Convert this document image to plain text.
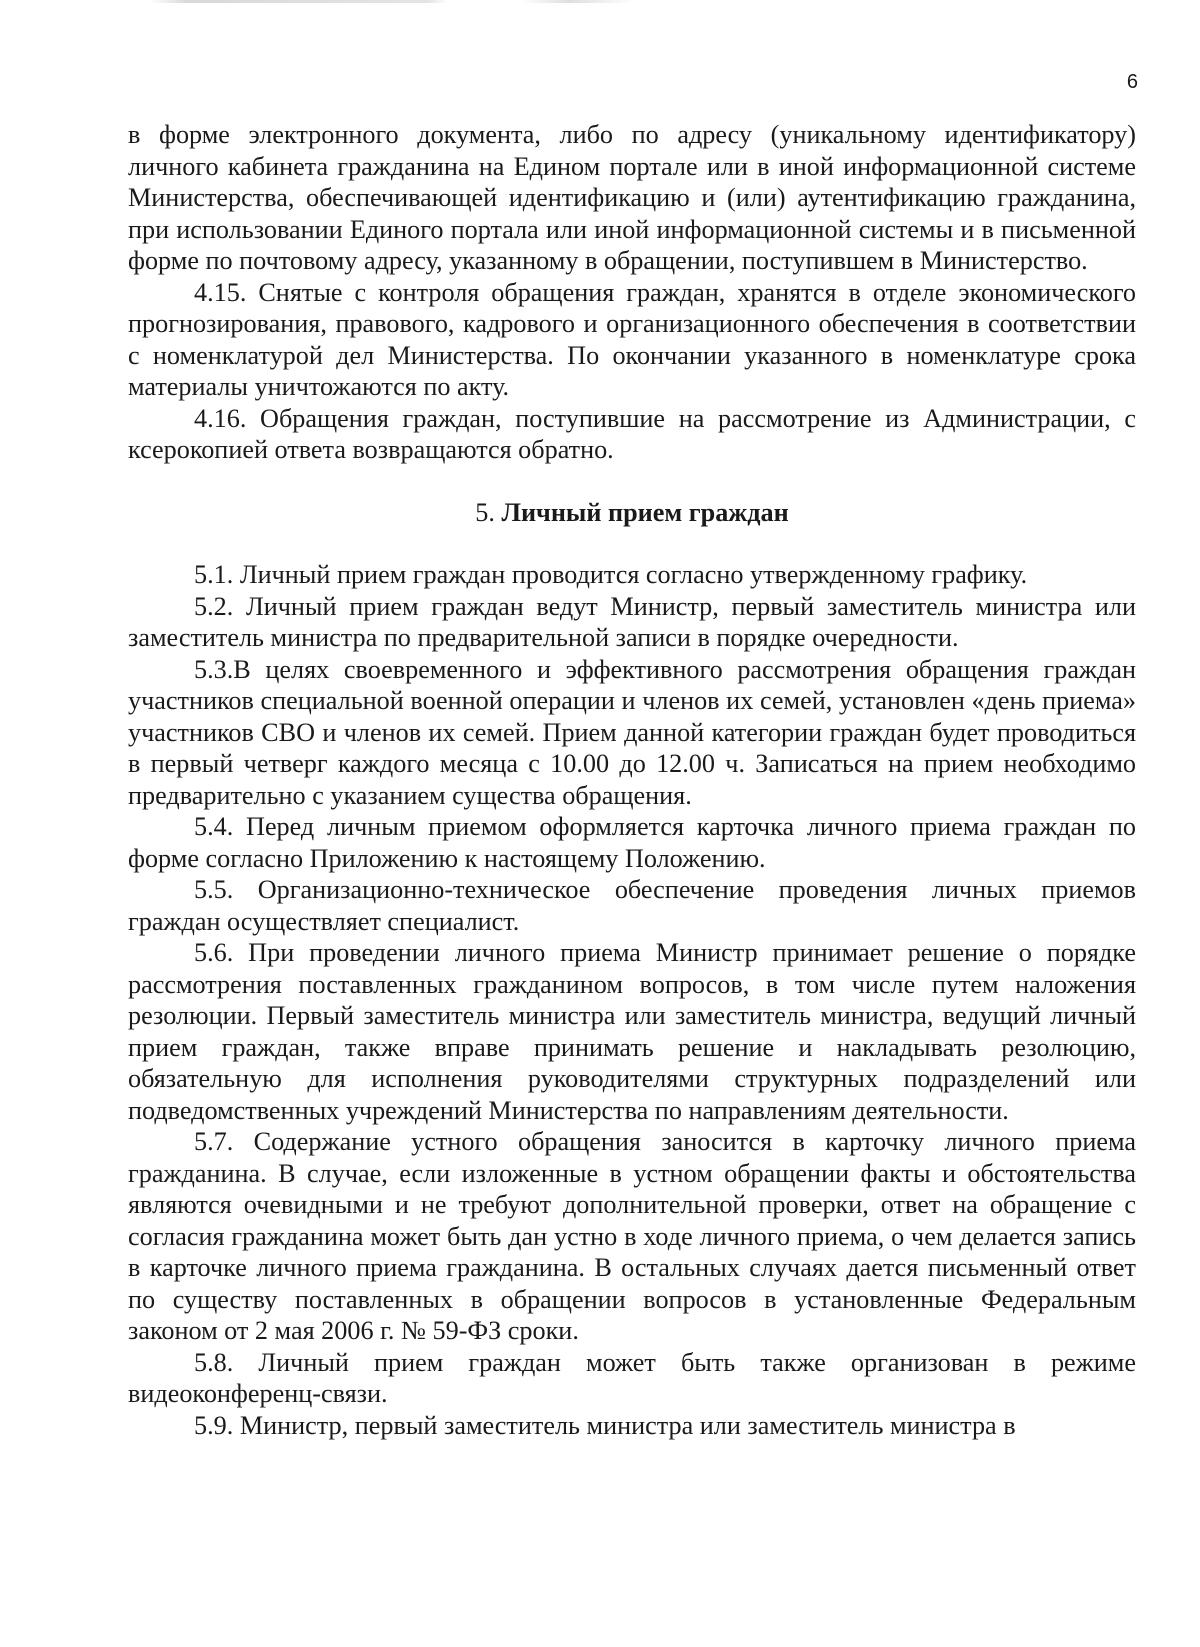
6

в форме электронного документа, либо по адресу (уникальному идентификатору) личного кабинета гражданина на Едином портале или в иной информационной системе Министерства, обеспечивающей идентификацию и (или) аутентификацию гражданина, при использовании Единого портала или иной информационной системы и в письменной форме по почтовому адресу, указанному в обращении, поступившем в Министерство.

4.15. Снятые с контроля обращения граждан, хранятся в отделе экономического прогнозирования, правового, кадрового и организационного обеспечения в соответствии с номенклатурой дел Министерства. По окончании указанного в номенклатуре срока материалы уничтожаются по акту.

4.16. Обращения граждан, поступившие на рассмотрение из Администрации, с ксерокопией ответа возвращаются обратно.

5. Личный прием граждан

5.1. Личный прием граждан проводится согласно утвержденному графику.

5.2. Личный прием граждан ведут Министр, первый заместитель министра или заместитель министра по предварительной записи в порядке очередности.

5.3.В целях своевременного и эффективного рассмотрения обращения граждан участников специальной военной операции и членов их семей, установлен «день приема» участников СВО и членов их семей. Прием данной категории граждан будет проводиться в первый четверг каждого месяца с 10.00 до 12.00 ч. Записаться на прием необходимо предварительно с указанием существа обращения.

5.4. Перед личным приемом оформляется карточка личного приема граждан по форме согласно Приложению к настоящему Положению.

5.5. Организационно-техническое обеспечение проведения личных приемов граждан осуществляет специалист.

5.6. При проведении личного приема Министр принимает решение о порядке рассмотрения поставленных гражданином вопросов, в том числе путем наложения резолюции. Первый заместитель министра или заместитель министра, ведущий личный прием граждан, также вправе принимать решение и накладывать резолюцию, обязательную для исполнения руководителями структурных подразделений или подведомственных учреждений Министерства по направлениям деятельности.

5.7. Содержание устного обращения заносится в карточку личного приема гражданина. В случае, если изложенные в устном обращении факты и обстоятельства являются очевидными и не требуют дополнительной проверки, ответ на обращение с согласия гражданина может быть дан устно в ходе личного приема, о чем делается запись в карточке личного приема гражданина. В остальных случаях дается письменный ответ по существу поставленных в обращении вопросов в установленные Федеральным законом от 2 мая 2006 г. № 59-ФЗ сроки.

5.8. Личный прием граждан может быть также организован в режиме видеоконференц-связи.

5.9. Министр, первый заместитель министра или заместитель министра в
